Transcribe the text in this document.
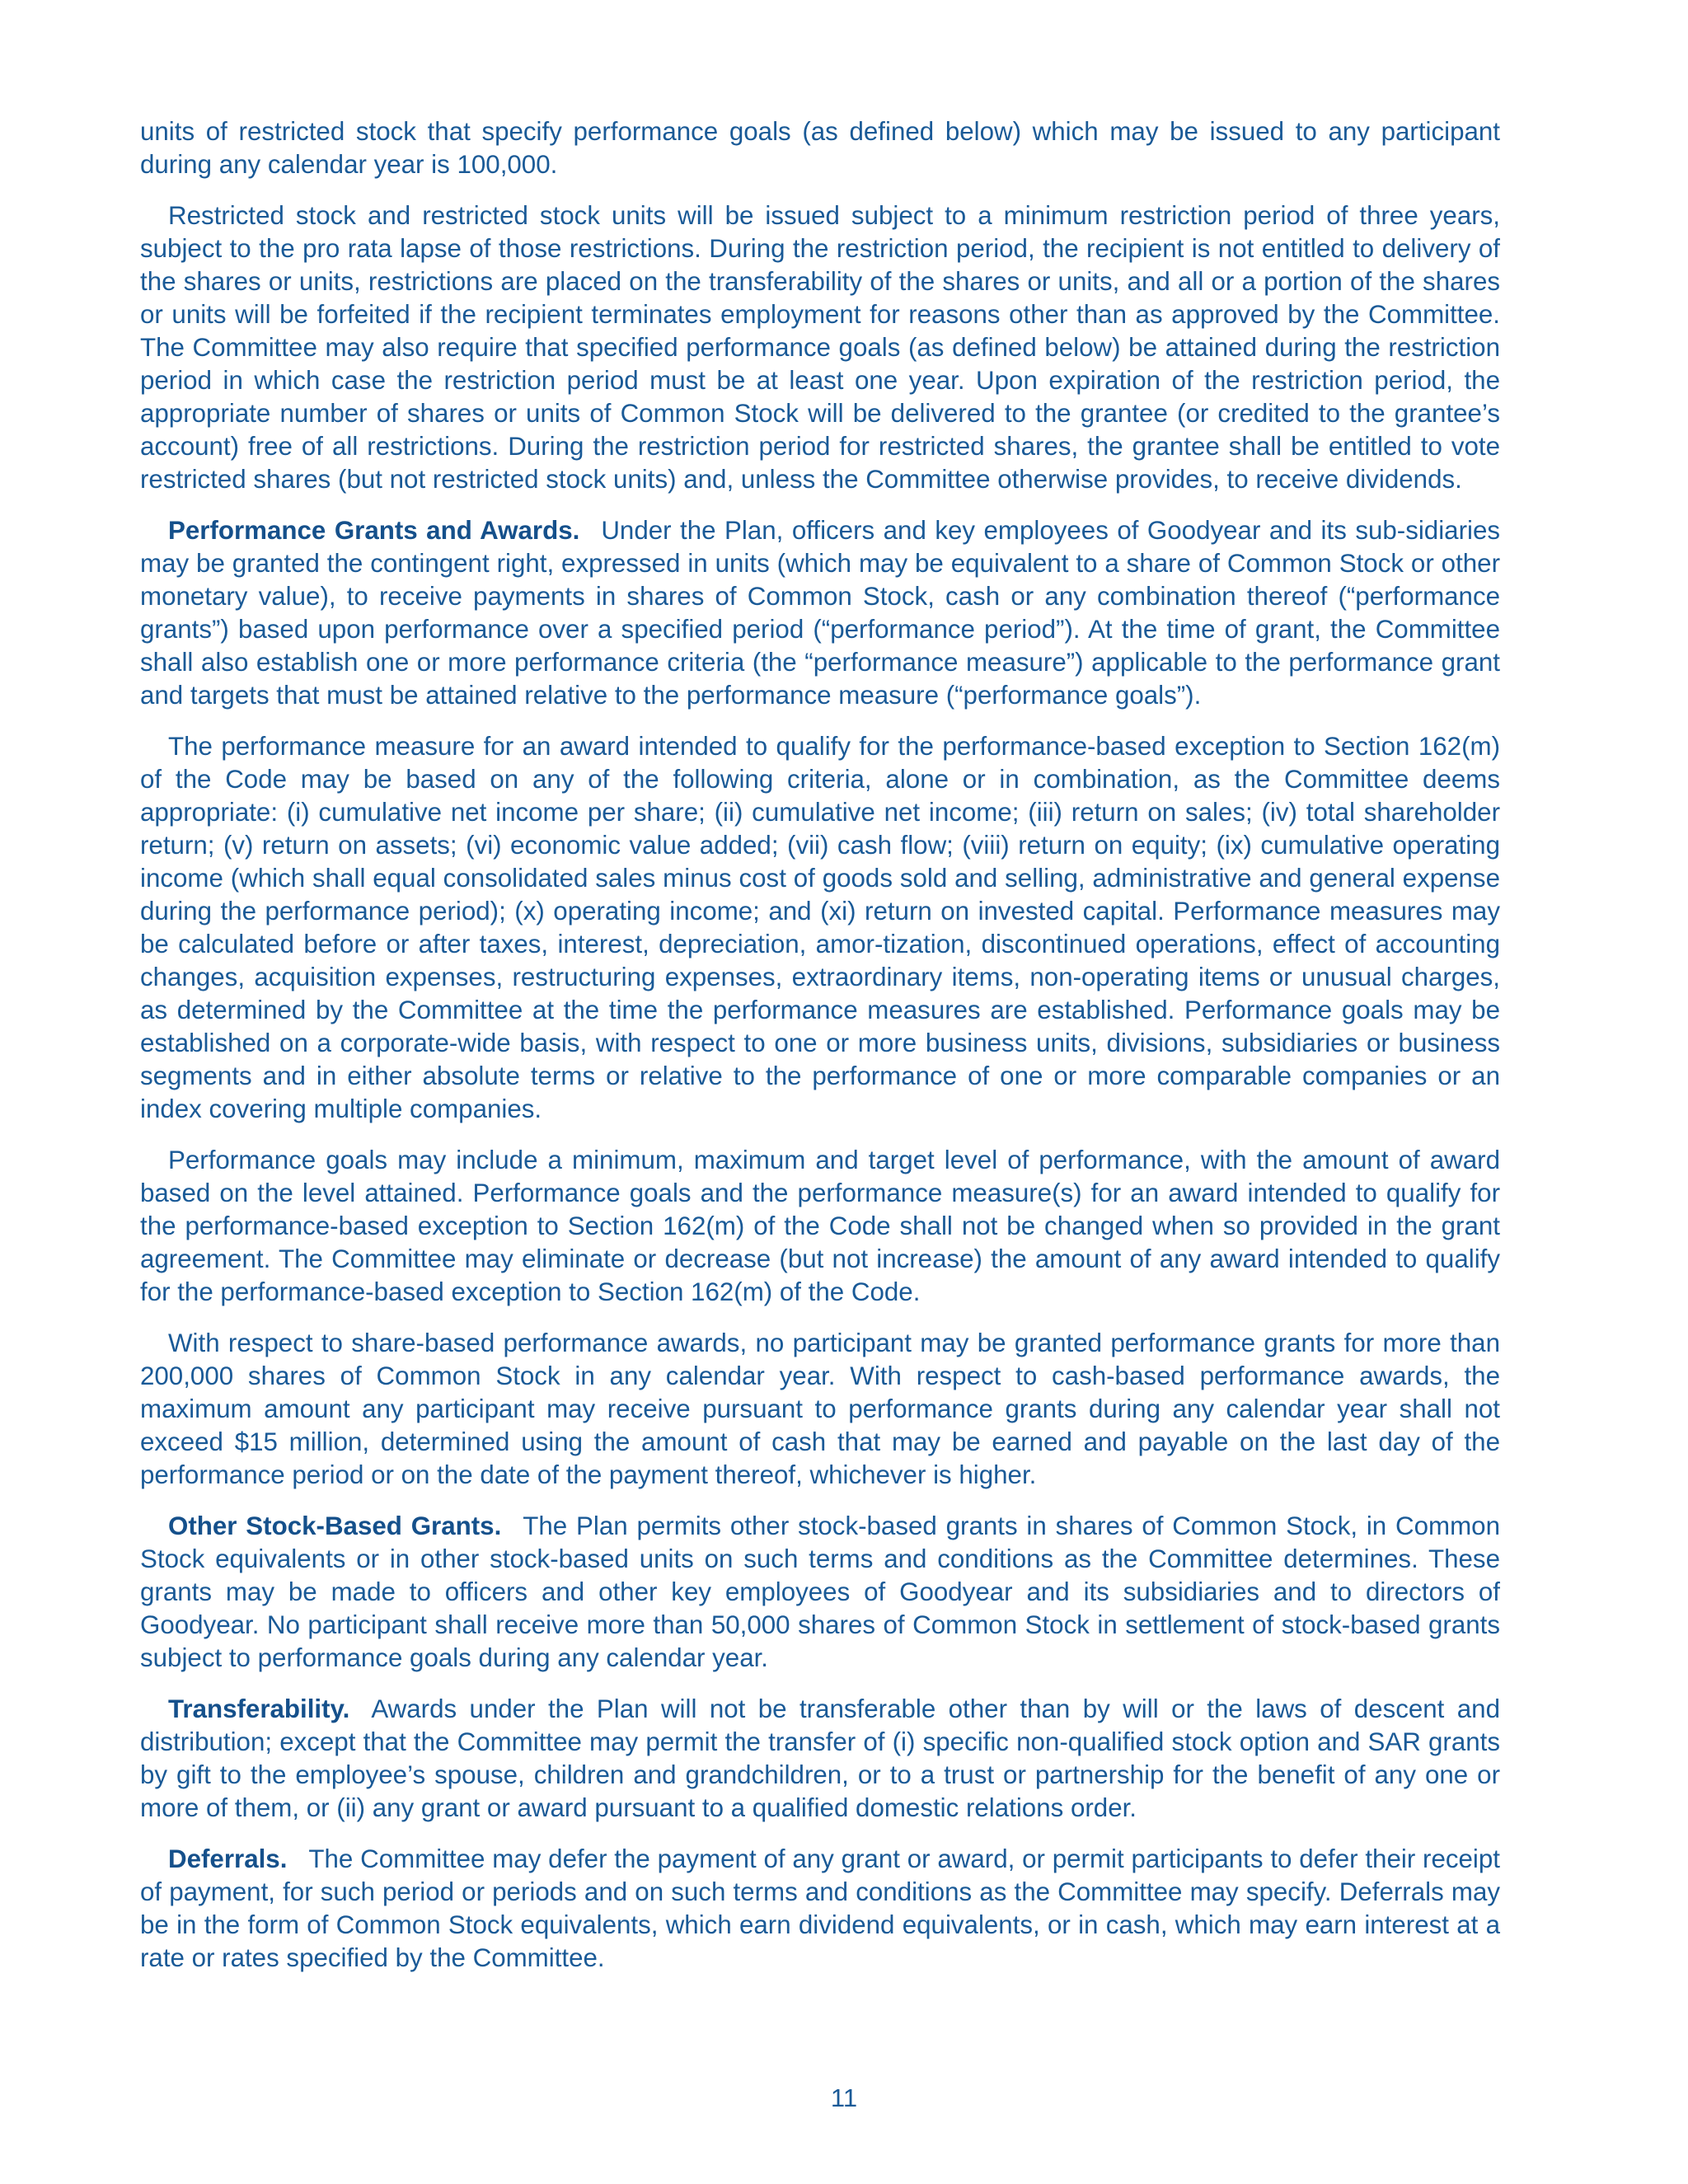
units of restricted stock that specify performance goals (as defined below) which may be issued to any participant during any calendar year is 100,000.

Restricted stock and restricted stock units will be issued subject to a minimum restriction period of three years, subject to the pro rata lapse of those restrictions. During the restriction period, the recipient is not entitled to delivery of the shares or units, restrictions are placed on the transferability of the shares or units, and all or a portion of the shares or units will be forfeited if the recipient terminates employment for reasons other than as approved by the Committee. The Committee may also require that specified performance goals (as defined below) be attained during the restriction period in which case the restriction period must be at least one year. Upon expiration of the restriction period, the appropriate number of shares or units of Common Stock will be delivered to the grantee (or credited to the grantee’s account) free of all restrictions. During the restriction period for restricted shares, the grantee shall be entitled to vote restricted shares (but not restricted stock units) and, unless the Committee otherwise provides, to receive dividends.

Performance Grants and Awards. Under the Plan, officers and key employees of Goodyear and its sub-sidiaries may be granted the contingent right, expressed in units (which may be equivalent to a share of Common Stock or other monetary value), to receive payments in shares of Common Stock, cash or any combination thereof (“performance grants”) based upon performance over a specified period (“performance period”). At the time of grant, the Committee shall also establish one or more performance criteria (the “performance measure”) applicable to the performance grant and targets that must be attained relative to the performance measure (“performance goals”).

The performance measure for an award intended to qualify for the performance-based exception to Section 162(m) of the Code may be based on any of the following criteria, alone or in combination, as the Committee deems appropriate: (i) cumulative net income per share; (ii) cumulative net income; (iii) return on sales; (iv) total shareholder return; (v) return on assets; (vi) economic value added; (vii) cash flow; (viii) return on equity; (ix) cumulative operating income (which shall equal consolidated sales minus cost of goods sold and selling, administrative and general expense during the performance period); (x) operating income; and (xi) return on invested capital. Performance measures may be calculated before or after taxes, interest, depreciation, amor-tization, discontinued operations, effect of accounting changes, acquisition expenses, restructuring expenses, extraordinary items, non-operating items or unusual charges, as determined by the Committee at the time the performance measures are established. Performance goals may be established on a corporate-wide basis, with respect to one or more business units, divisions, subsidiaries or business segments and in either absolute terms or relative to the performance of one or more comparable companies or an index covering multiple companies.

Performance goals may include a minimum, maximum and target level of performance, with the amount of award based on the level attained. Performance goals and the performance measure(s) for an award intended to qualify for the performance-based exception to Section 162(m) of the Code shall not be changed when so provided in the grant agreement. The Committee may eliminate or decrease (but not increase) the amount of any award intended to qualify for the performance-based exception to Section 162(m) of the Code.

With respect to share-based performance awards, no participant may be granted performance grants for more than 200,000 shares of Common Stock in any calendar year. With respect to cash-based performance awards, the maximum amount any participant may receive pursuant to performance grants during any calendar year shall not exceed $15 million, determined using the amount of cash that may be earned and payable on the last day of the performance period or on the date of the payment thereof, whichever is higher.

Other Stock-Based Grants. The Plan permits other stock-based grants in shares of Common Stock, in Common Stock equivalents or in other stock-based units on such terms and conditions as the Committee determines. These grants may be made to officers and other key employees of Goodyear and its subsidiaries and to directors of Goodyear. No participant shall receive more than 50,000 shares of Common Stock in settlement of stock-based grants subject to performance goals during any calendar year.

Transferability. Awards under the Plan will not be transferable other than by will or the laws of descent and distribution; except that the Committee may permit the transfer of (i) specific non-qualified stock option and SAR grants by gift to the employee’s spouse, children and grandchildren, or to a trust or partnership for the benefit of any one or more of them, or (ii) any grant or award pursuant to a qualified domestic relations order.

Deferrals. The Committee may defer the payment of any grant or award, or permit participants to defer their receipt of payment, for such period or periods and on such terms and conditions as the Committee may specify. Deferrals may be in the form of Common Stock equivalents, which earn dividend equivalents, or in cash, which may earn interest at a rate or rates specified by the Committee.

11
